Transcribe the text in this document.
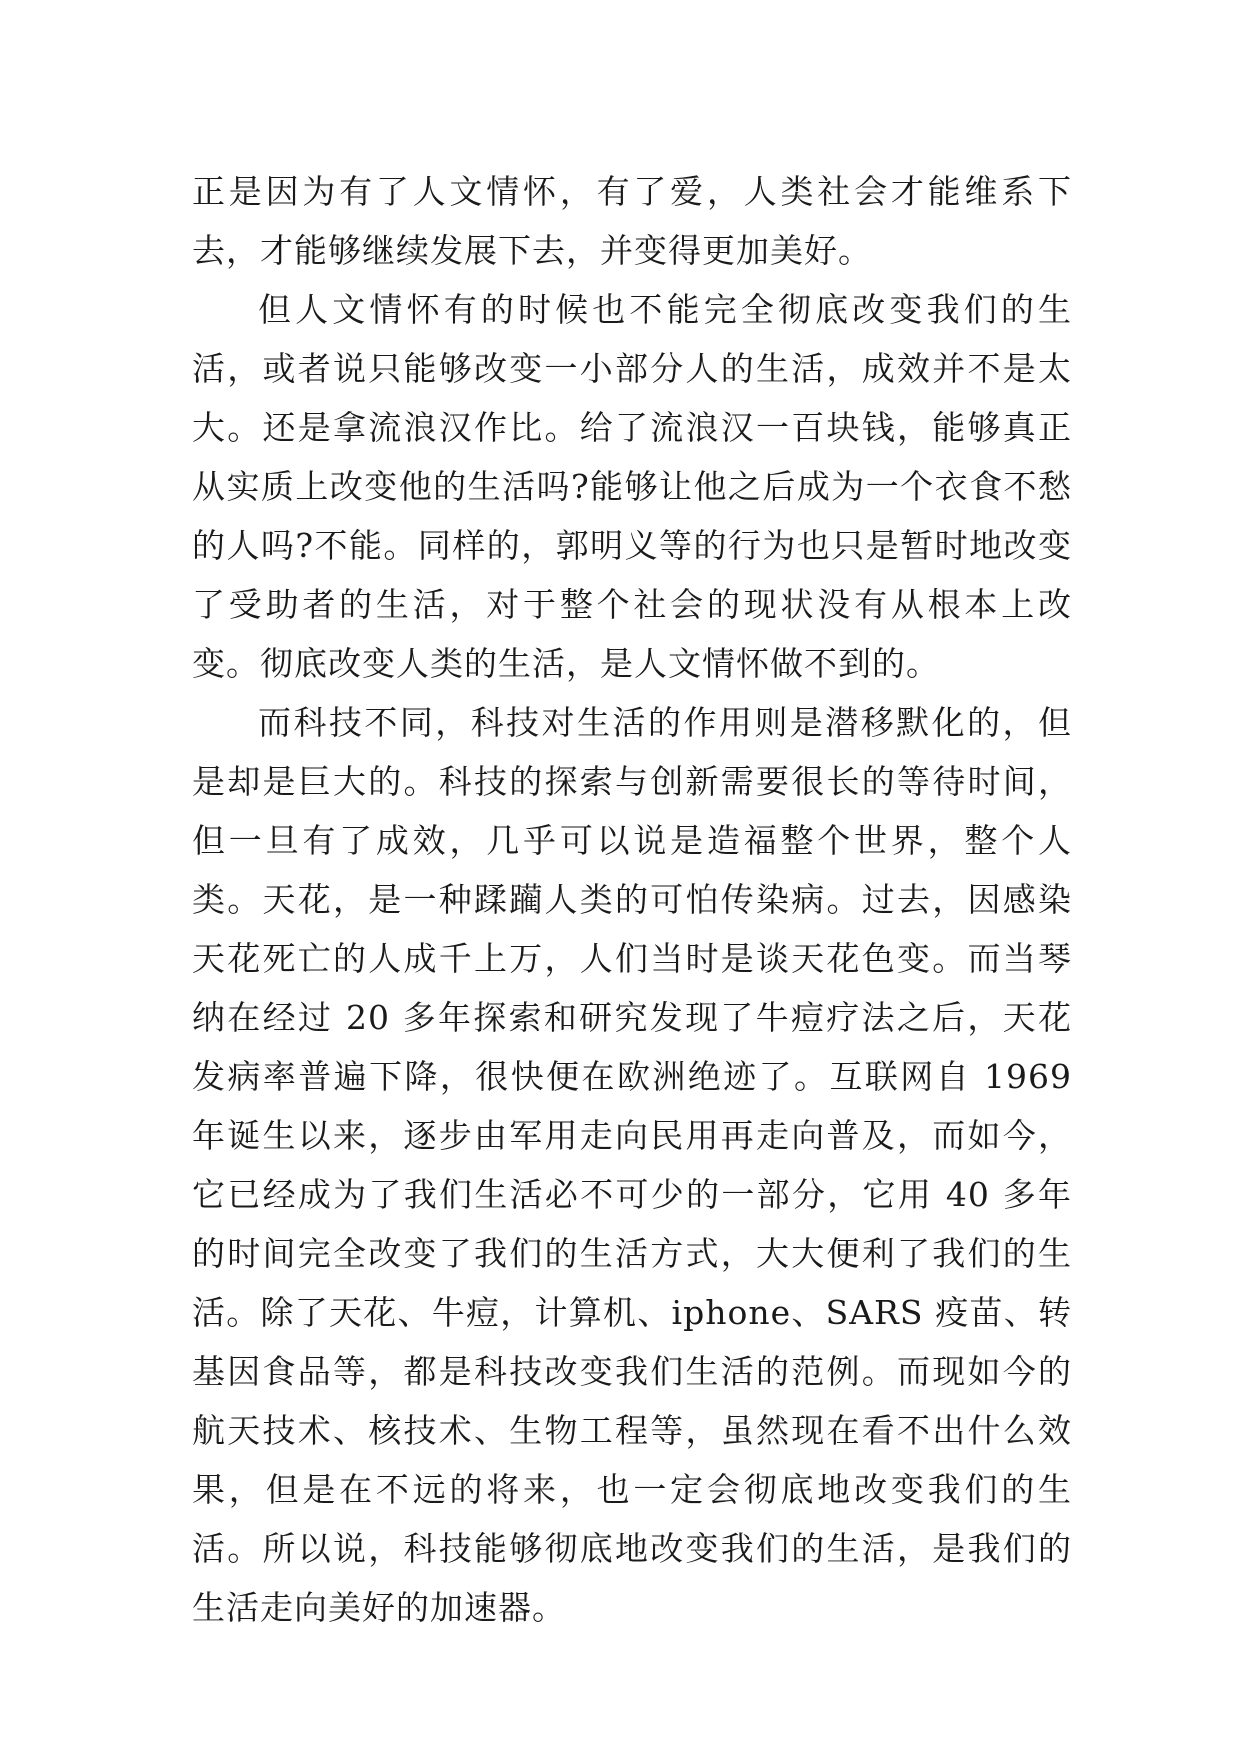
正是因为有了人文情怀，有了爱，人类社会才能维系下去，才能够继续发展下去，并变得更加美好。

但人文情怀有的时候也不能完全彻底改变我们的生活，或者说只能够改变一小部分人的生活，成效并不是太大。还是拿流浪汉作比。给了流浪汉一百块钱，能够真正从实质上改变他的生活吗?能够让他之后成为一个衣食不愁的人吗?不能。同样的，郭明义等的行为也只是暂时地改变了受助者的生活，对于整个社会的现状没有从根本上改变。彻底改变人类的生活，是人文情怀做不到的。

而科技不同，科技对生活的作用则是潜移默化的，但是却是巨大的。科技的探索与创新需要很长的等待时间，但一旦有了成效，几乎可以说是造福整个世界，整个人类。天花，是一种蹂躏人类的可怕传染病。过去，因感染天花死亡的人成千上万，人们当时是谈天花色变。而当琴纳在经过 20 多年探索和研究发现了牛痘疗法之后，天花发病率普遍下降，很快便在欧洲绝迹了。互联网自 1969 年诞生以来，逐步由军用走向民用再走向普及，而如今，它已经成为了我们生活必不可少的一部分，它用 40 多年的时间完全改变了我们的生活方式，大大便利了我们的生活。除了天花、牛痘，计算机、iphone、SARS 疫苗、转基因食品等，都是科技改变我们生活的范例。而现如今的航天技术、核技术、生物工程等，虽然现在看不出什么效果，但是在不远的将来，也一定会彻底地改变我们的生活。所以说，科技能够彻底地改变我们的生活，是我们的生活走向美好的加速器。
